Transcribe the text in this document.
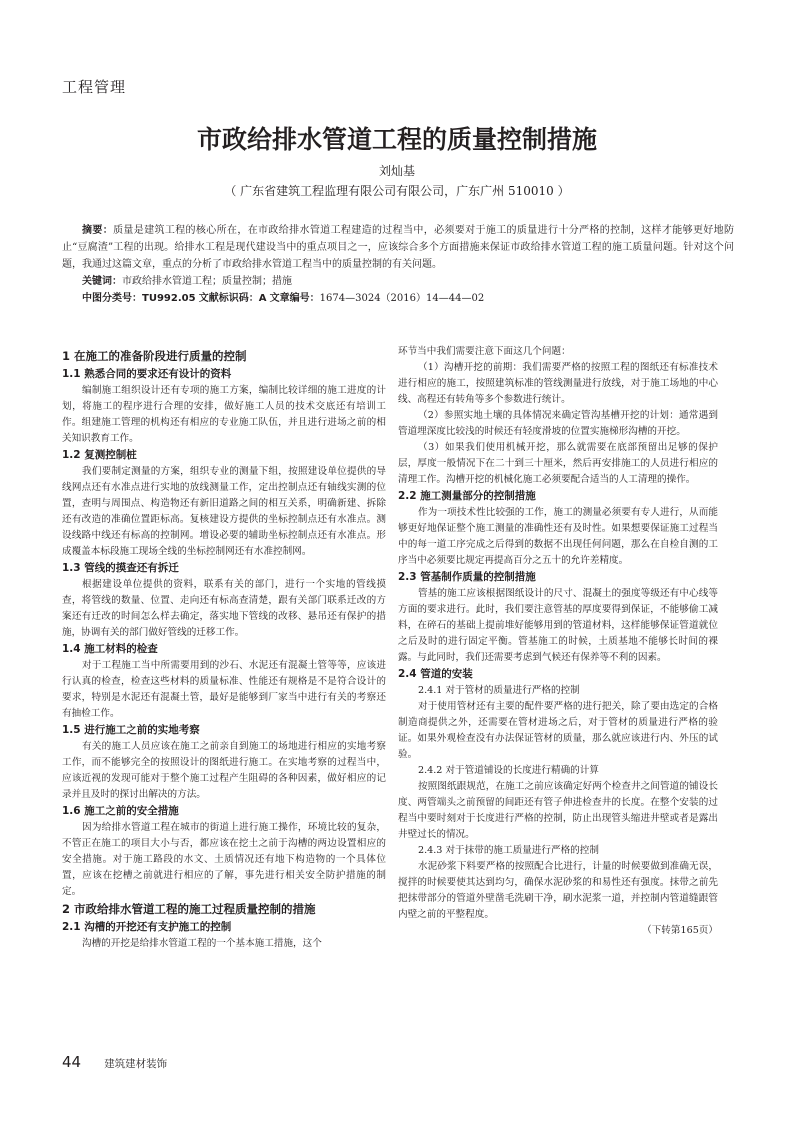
工程管理
市政给排水管道工程的质量控制措施
刘灿基
（ 广东省建筑工程监理有限公司有限公司，广东广州 510010 ）

摘要：质量是建筑工程的核心所在，在市政给排水管道工程建造的过程当中，必须要对于施工的质量进行十分严格的控制，这样才能够更好地防止“豆腐渣”工程的出现。给排水工程是现代建设当中的重点项目之一，应该综合多个方面措施来保证市政给排水管道工程的施工质量问题。针对这个问题，我通过这篇文章，重点的分析了市政给排水管道工程当中的质量控制的有关问题。

关键词：市政给排水管道工程；质量控制；措施

中图分类号：TU992.05 文献标识码：A 文章编号：1674—3024（2016）14—44—02

1 在施工的准备阶段进行质量的控制
1.1 熟悉合同的要求还有设计的资料

编制施工组织设计还有专项的施工方案，编制比较详细的施工进度的计划，将施工的程序进行合理的安排，做好施工人员的技术交底还有培训工作。组建施工管理的机构还有相应的专业施工队伍，并且进行进场之前的相关知识教育工作。

1.2 复测控制桩

我们要制定测量的方案，组织专业的测量下组，按照建设单位提供的导线网点还有水准点进行实地的放线测量工作，定出控制点还有轴线实测的位置，查明与周围点、构造物还有新旧道路之间的相互关系，明确新建、拆除还有改造的准确位置距标高。复核建设方提供的坐标控制点还有水准点。测设线路中线还有标高的控制网。增设必要的辅助坐标控制点还有水准点。形成覆盖本标段施工现场全线的坐标控制网还有水准控制网。

1.3 管线的摸查还有拆迁

根据建设单位提供的资料，联系有关的部门，进行一个实地的管线摸查，将管线的数量、位置、走向还有标高查清楚，跟有关部门联系迁改的方案还有迁改的时间怎么样去确定，落实地下管线的改移、悬吊还有保护的措施，协调有关的部门做好管线的迁移工作。

1.4 施工材料的检查

对于工程施工当中所需要用到的沙石、水泥还有混凝土管等等，应该进行认真的检查，检查这些材料的质量标准、性能还有规格是不是符合设计的要求，特别是水泥还有混凝土管，最好是能够到厂家当中进行有关的考察还有抽检工作。

1.5 进行施工之前的实地考察

有关的施工人员应该在施工之前亲自到施工的场地进行相应的实地考察工作，而不能够完全的按照设计的图纸进行施工。在实地考察的过程当中，应该近视的发现可能对于整个施工过程产生阻碍的各种因素，做好相应的记录并且及时的探讨出解决的方法。

1.6 施工之前的安全措施

因为给排水管道工程在城市的街道上进行施工操作，环境比较的复杂，不管正在施工的项目大小与否，都应该在挖土之前于沟槽的两边设置相应的安全措施。对于施工路段的水文、土质情况还有地下构造物的一个具体位置，应该在挖槽之前就进行相应的了解，事先进行相关安全防护措施的制定。

2 市政给排水管道工程的施工过程质量控制的措施
2.1 沟槽的开挖还有支护施工的控制

沟槽的开挖是给排水管道工程的一个基本施工措施，这个

环节当中我们需要注意下面这几个问题：

（1）沟槽开挖的前期：我们需要严格的按照工程的图纸还有标准技术进行相应的施工，按照建筑标准的管线测量进行放线，对于施工场地的中心线、高程还有转角等多个参数进行统计。

（2）参照实地土壤的具体情况来确定管沟基槽开挖的计划：通常遇到管道埋深度比较浅的时候还有轻度滑坡的位置实施梯形沟槽的开挖。

（3）如果我们使用机械开挖，那么就需要在底部预留出足够的保护层，厚度一般情况下在二十到三十厘米，然后再安排施工的人员进行相应的清理工作。沟槽开挖的机械化施工必须要配合适当的人工清理的操作。

2.2 施工测量部分的控制措施

作为一项技术性比较强的工作，施工的测量必须要有专人进行，从而能够更好地保证整个施工测量的准确性还有及时性。如果想要保证施工过程当中的每一道工序完成之后得到的数据不出现任何问题，那么在自检自测的工序当中必须要比规定再提高百分之五十的允许差精度。

2.3 管基制作质量的控制措施

管基的施工应该根据图纸设计的尺寸、混凝土的强度等级还有中心线等方面的要求进行。此时，我们要注意管基的厚度要得到保证，不能够偷工减料，在碎石的基础上提前堆好能够用到的管道材料，这样能够保证管道就位之后及时的进行固定平衡。管基施工的时候，土质基地不能够长时间的裸露。与此同时，我们还需要考虑到气候还有保养等不利的因素。

2.4 管道的安装
2.4.1 对于管材的质量进行严格的控制

对于使用管材还有主要的配件要严格的进行把关，除了要由选定的合格制造商提供之外，还需要在管材进场之后，对于管材的质量进行严格的验证。如果外观检查没有办法保证管材的质量，那么就应该进行内、外压的试验。

2.4.2 对于管道铺设的长度进行精确的计算

按照图纸跟规范，在施工之前应该确定好两个检查井之间管道的铺设长度、两管端头之前预留的间距还有管子伸进检查井的长度。在整个安装的过程当中要时刻对于长度进行严格的控制，防止出现管头缩进井壁或者是露出井壁过长的情况。

2.4.3 对于抹带的施工质量进行严格的控制

水泥砂浆下料要严格的按照配合比进行，计量的时候要做到准确无误，搅拌的时候要使其达到均匀，确保水泥砂浆的和易性还有强度。抹带之前先把抹带部分的管道外壁凿毛洗刷干净，刷水泥浆一道，并控制内管道缝跟管内壁之前的平整程度。

（下转第165页）

44 建筑建材装饰
